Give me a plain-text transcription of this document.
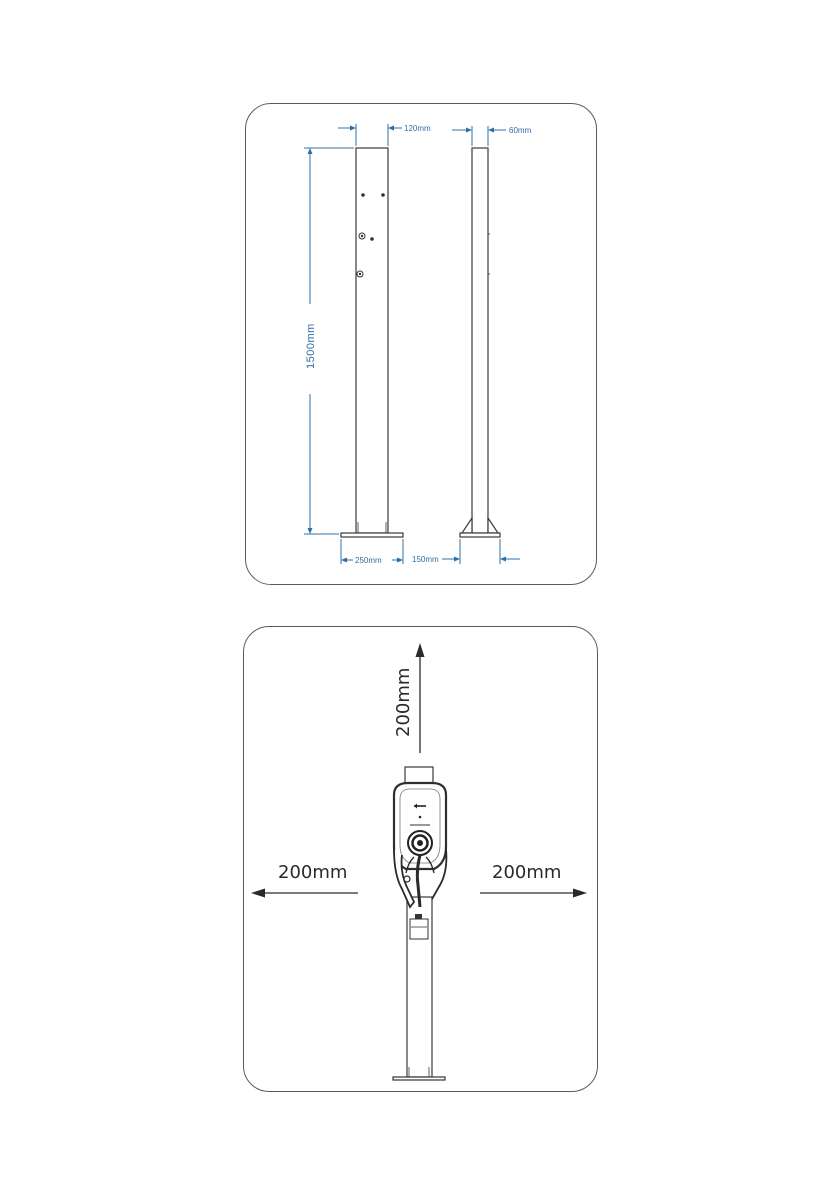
120mm	60mm
1500mm
250mm	150mm
200mm
200mm	200mm
